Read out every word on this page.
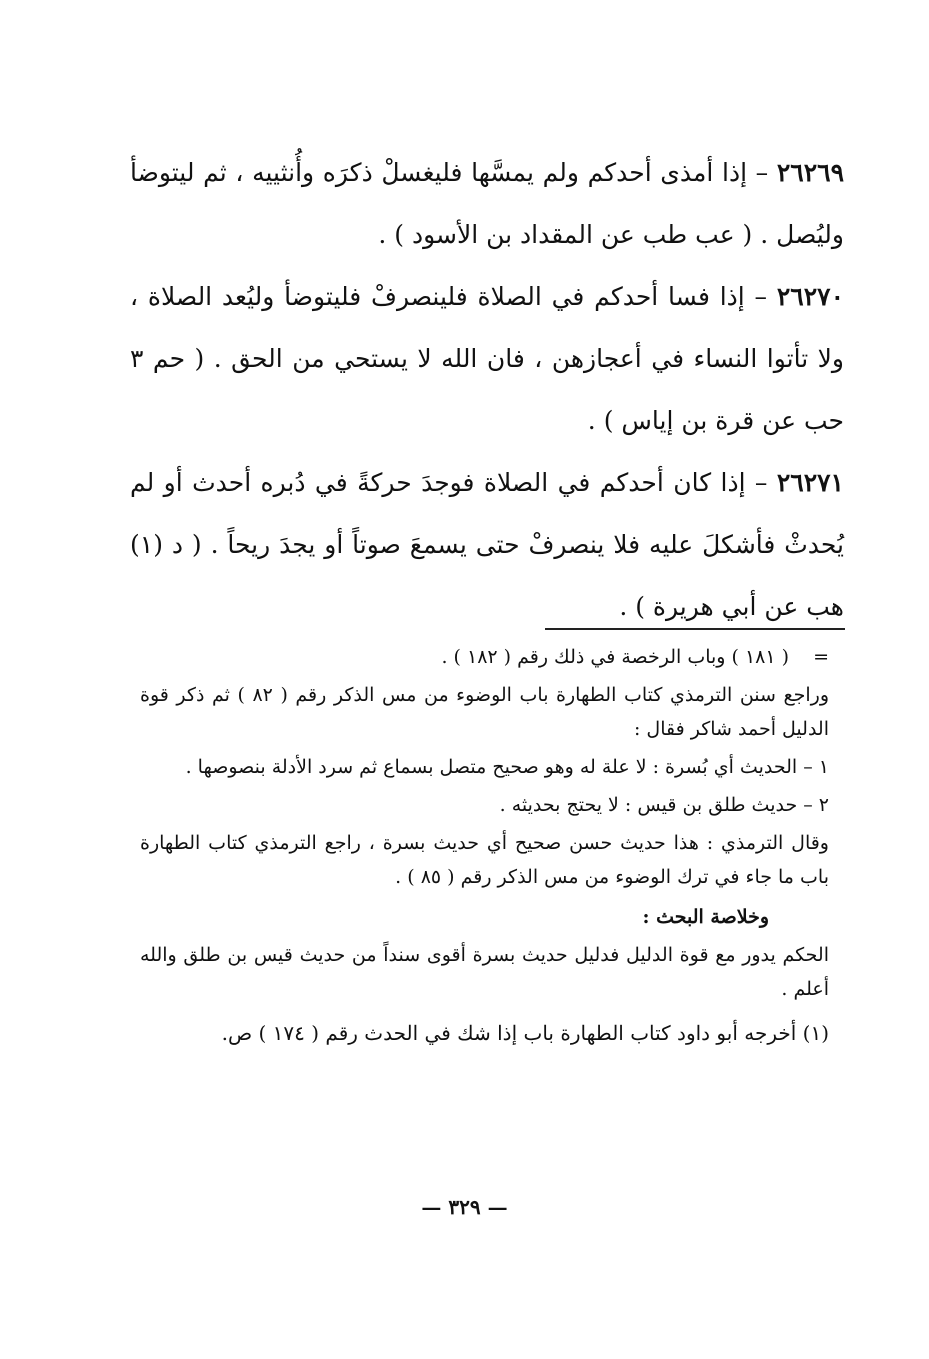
٢٦٢٦٩ – إذا أمذى أحدكم ولم يمسَّها فليغسلْ ذكرَه وأُنثييه ، ثم ليتوضأ وليُصل . ( عب طب عن المقداد بن الأسود ) .

٢٦٢٧٠ – إذا فسا أحدكم في الصلاة فلينصرفْ فليتوضأ وليُعد الصلاة ، ولا تأتوا النساء في أعجازهن ، فان الله لا يستحي من الحق . ( حم ٣ حب عن قرة بن إياس ) .

٢٦٢٧١ – إذا كان أحدكم في الصلاة فوجدَ حركةً في دُبره أحدث أو لم يُحدثْ فأشكلَ عليه فلا ينصرفْ حتى يسمعَ صوتاً أو يجدَ ريحاً . ( د (١) هب عن أبي هريرة ) .

= ( ١٨١ ) وباب الرخصة في ذلك رقم ( ١٨٢ ) .

وراجع سنن الترمذي كتاب الطهارة باب الوضوء من مس الذكر رقم ( ٨٢ ) ثم ذكر قوة الدليل أحمد شاكر فقال :

١ – الحديث أي بُسرة : لا علة له وهو صحيح متصل بسماع ثم سرد الأدلة بنصوصها .

٢ – حديث طلق بن قيس : لا يحتج بحديثه .

وقال الترمذي : هذا حديث حسن صحيح أي حديث بسرة ، راجع الترمذي كتاب الطهارة باب ما جاء في ترك الوضوء من مس الذكر رقم ( ٨٥ ) .

وخلاصة البحث :

الحكم يدور مع قوة الدليل فدليل حديث بسرة أقوى سنداً من حديث قيس بن طلق والله أعلم .

(١) أخرجه أبو داود كتاب الطهارة باب إذا شك في الحدث رقم ( ١٧٤ ) ص.

— ٣٢٩ —
